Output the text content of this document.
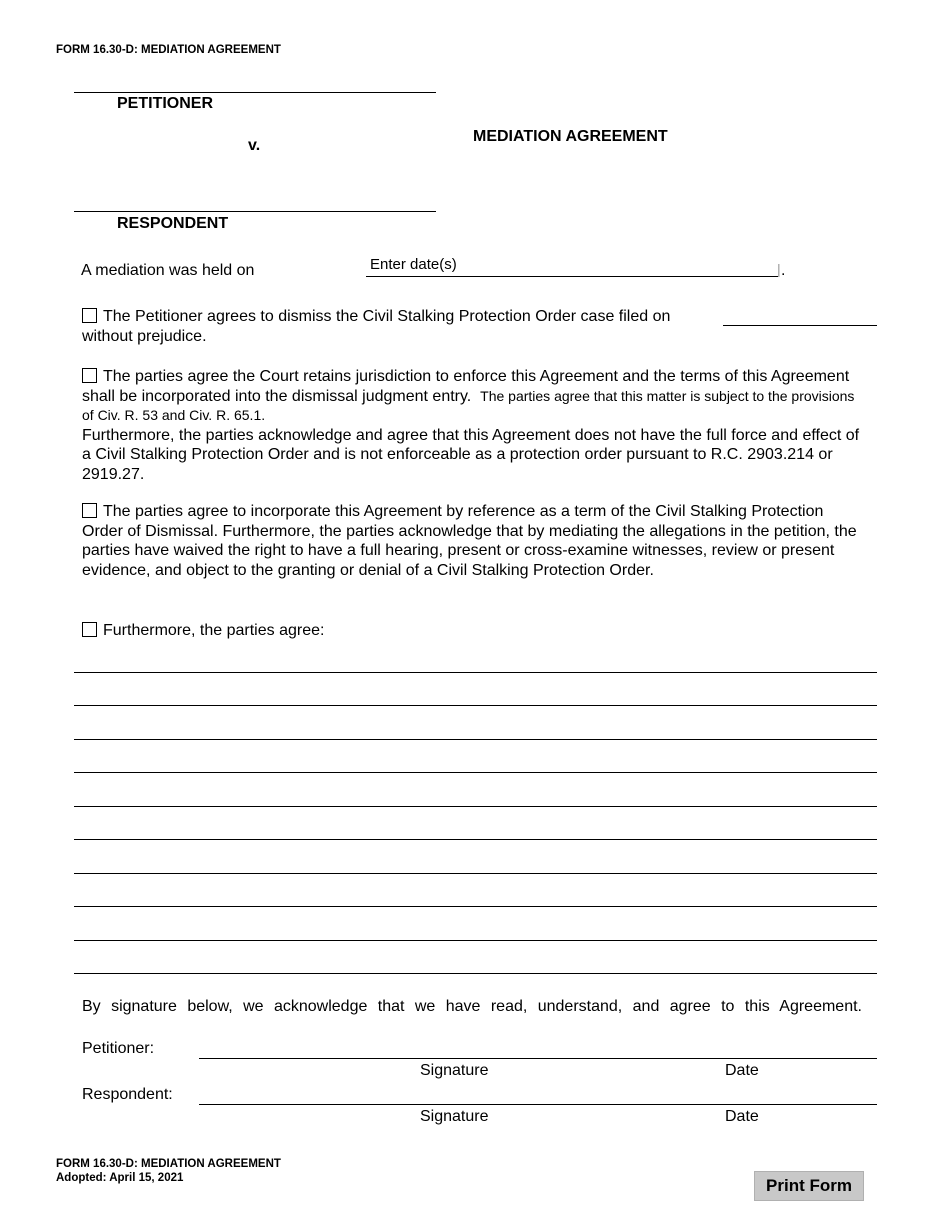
FORM 16.30-D: MEDIATION AGREEMENT
PETITIONER
v.
MEDIATION AGREEMENT
RESPONDENT
A mediation was held on
Enter date(s)	| .
The Petitioner agrees to dismiss the Civil Stalking Protection Order case filed on
without prejudice.
The parties agree the Court retains jurisdiction to enforce this Agreement and the terms of this Agreement shall be incorporated into the dismissal judgment entry. The parties agree that this matter is subject to the provisions of Civ. R. 53 and Civ. R. 65.1.
Furthermore, the parties acknowledge and agree that this Agreement does not have the full force and effect of a Civil Stalking Protection Order and is not enforceable as a protection order pursuant to R.C. 2903.214 or 2919.27.
The parties agree to incorporate this Agreement by reference as a term of the Civil Stalking Protection Order of Dismissal. Furthermore, the parties acknowledge that by mediating the allegations in the petition, the parties have waived the right to have a full hearing, present or cross-examine witnesses, review or present evidence, and object to the granting or denial of a Civil Stalking Protection Order.
Furthermore, the parties agree:
By signature below, we acknowledge that we have read, understand, and agree to this Agreement.
Petitioner:
Signature	Date
Respondent:
Signature	Date
FORM 16.30-D: MEDIATION AGREEMENT
Adopted: April 15, 2021	Print Form
